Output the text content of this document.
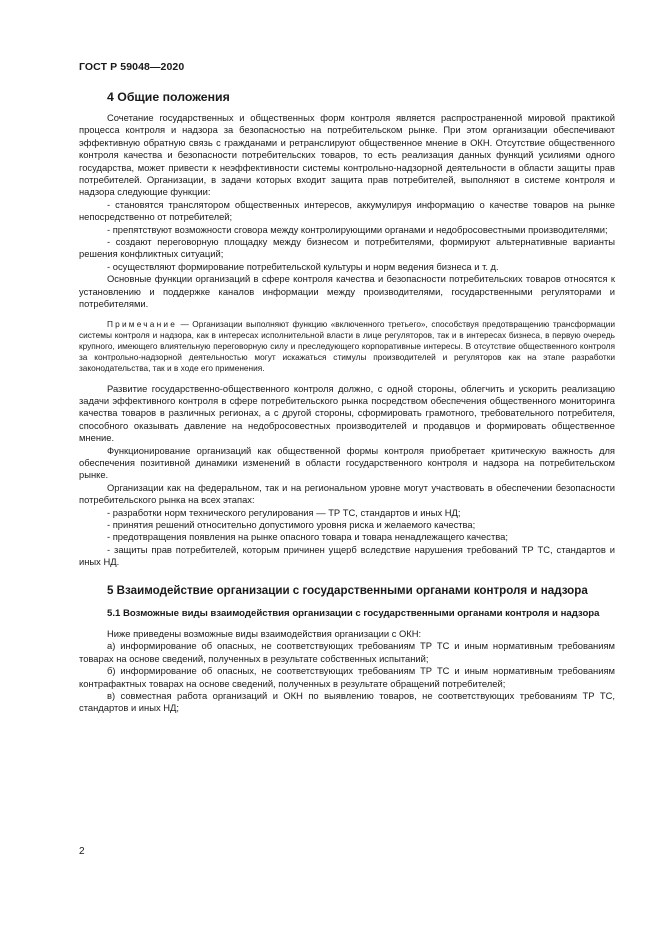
ГОСТ Р 59048—2020
4 Общие положения

Сочетание государственных и общественных форм контроля является распространенной мировой практикой процесса контроля и надзора за безопасностью на потребительском рынке. При этом организации обеспечивают эффективную обратную связь с гражданами и ретранслируют общественное мнение в ОКН. Отсутствие общественного контроля качества и безопасности потребительских товаров, то есть реализация данных функций усилиями одного государства, может привести к неэффективности системы контрольно-надзорной деятельности в области защиты прав потребителей. Организации, в задачи которых входит защита прав потребителей, выполняют в системе контроля и надзора следующие функции:

- становятся транслятором общественных интересов, аккумулируя информацию о качестве товаров на рынке непосредственно от потребителей;

- препятствуют возможности сговора между контролирующими органами и недобросовестными производителями;

- создают переговорную площадку между бизнесом и потребителями, формируют альтернативные варианты решения конфликтных ситуаций;

- осуществляют формирование потребительской культуры и норм ведения бизнеса и т. д.

Основные функции организаций в сфере контроля качества и безопасности потребительских товаров относятся к установлению и поддержке каналов информации между производителями, государственными регуляторами и потребителями.

Примечание — Организации выполняют функцию «включенного третьего», способствуя предотвращению трансформации системы контроля и надзора, как в интересах исполнительной власти в лице регуляторов, так и в интересах бизнеса, в первую очередь крупного, имеющего влиятельную переговорную силу и преследующего корпоративные интересы. В отсутствие общественного контроля за контрольно-надзорной деятельностью могут искажаться стимулы производителей и регуляторов как на этапе разработки законодательства, так и в ходе его применения.

Развитие государственно-общественного контроля должно, с одной стороны, облегчить и ускорить реализацию задачи эффективного контроля в сфере потребительского рынка посредством обеспечения общественного мониторинга качества товаров в различных регионах, а с другой стороны, сформировать грамотного, требовательного потребителя, способного оказывать давление на недобросовестных производителей и продавцов и формировать общественное мнение.

Функционирование организаций как общественной формы контроля приобретает критическую важность для обеспечения позитивной динамики изменений в области государственного контроля и надзора на потребительском рынке.

Организации как на федеральном, так и на региональном уровне могут участвовать в обеспечении безопасности потребительского рынка на всех этапах:

- разработки норм технического регулирования — ТР ТС, стандартов и иных НД;

- принятия решений относительно допустимого уровня риска и желаемого качества;

- предотвращения появления на рынке опасного товара и товара ненадлежащего качества;

- защиты прав потребителей, которым причинен ущерб вследствие нарушения требований ТР ТС, стандартов и иных НД.

5 Взаимодействие организации с государственными органами контроля и надзора
5.1 Возможные виды взаимодействия организации с государственными органами контроля и надзора

Ниже приведены возможные виды взаимодействия организации с ОКН:

а) информирование об опасных, не соответствующих требованиям ТР ТС и иным нормативным требованиям товарах на основе сведений, полученных в результате собственных испытаний;

б) информирование об опасных, не соответствующих требованиям ТР ТС и иным нормативным требованиям контрафактных товарах на основе сведений, полученных в результате обращений потребителей;

в) совместная работа организаций и ОКН по выявлению товаров, не соответствующих требованиям ТР ТС, стандартов и иных НД;

2
